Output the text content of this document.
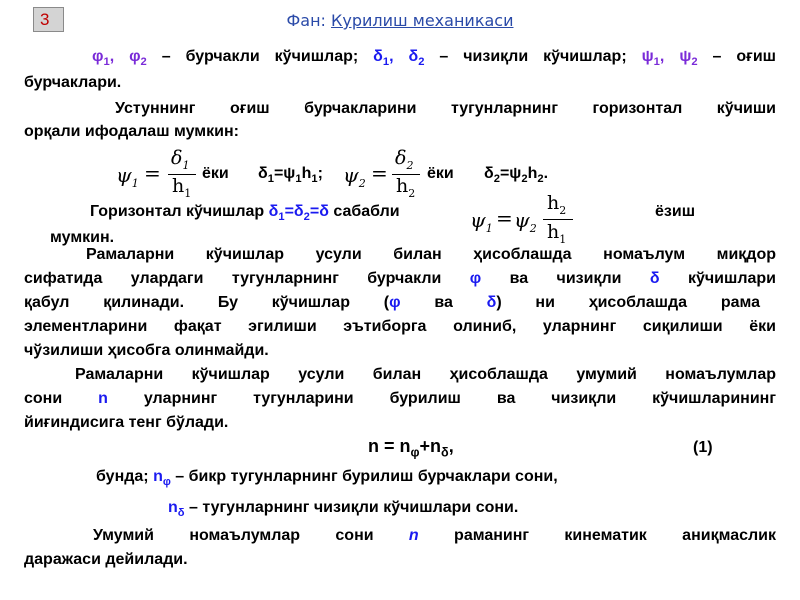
3	Фан: Курилиш механикаси
$\varphi_1$, $\varphi_2$ – бурчакли кўчишлар; $\delta_1$, $\delta_2$ – чизиқли кўчишлар; $\psi_1$, $\psi_2$ – оғиш
бурчаклари.
Устуннинг оғиш бурчакларини тугунларнинг горизонтал кўчиши
орқали ифодалаш мумкин:
$\psi_1$ =
$\delta_1$
$h_1$
ёки $\delta_1=\psi_1h_1$; $\psi_2$ =
$\delta_2$
$h_2$
ёки $\delta_2=\psi_2h_2$.
Горизонтал кўчишлар $\delta_1=\delta_2=\delta$ сабабли	$\psi_1 = \psi_2$
$h_2$
$h_1$
ёзиш
мумкин.
Рамаларни кўчишлар усули билан ҳисоблашда номаълум миқдор
сифатида улардаги тугунларнинг бурчакли φ ва чизиқли δ кўчишлари
қабул қилинади. Бу кўчишлар (φ ва δ) ни ҳисоблашда рама
элементларини фақат эгилиши эътиборга олиниб, уларнинг сиқилиши ёки
чўзилиши ҳисобга олинмайди.
Рамаларни кўчишлар усули билан ҳисоблашда умумий номаълумлар
сони n уларнинг тугунларини бурилиш ва чизиқли кўчишларининг
йиғиндисига тенг бўлади.
$n = n_\varphi+n_\delta$,	(1)
бунда; $n_\varphi$ – бикр тугунларнинг бурилиш бурчаклари сони,
$n_\delta$ – тугунларнинг чизиқли кўчишлари сони.
Умумий номаълумлар сони n раманинг кинематик аниқмаслик
даражаси дейилади.
